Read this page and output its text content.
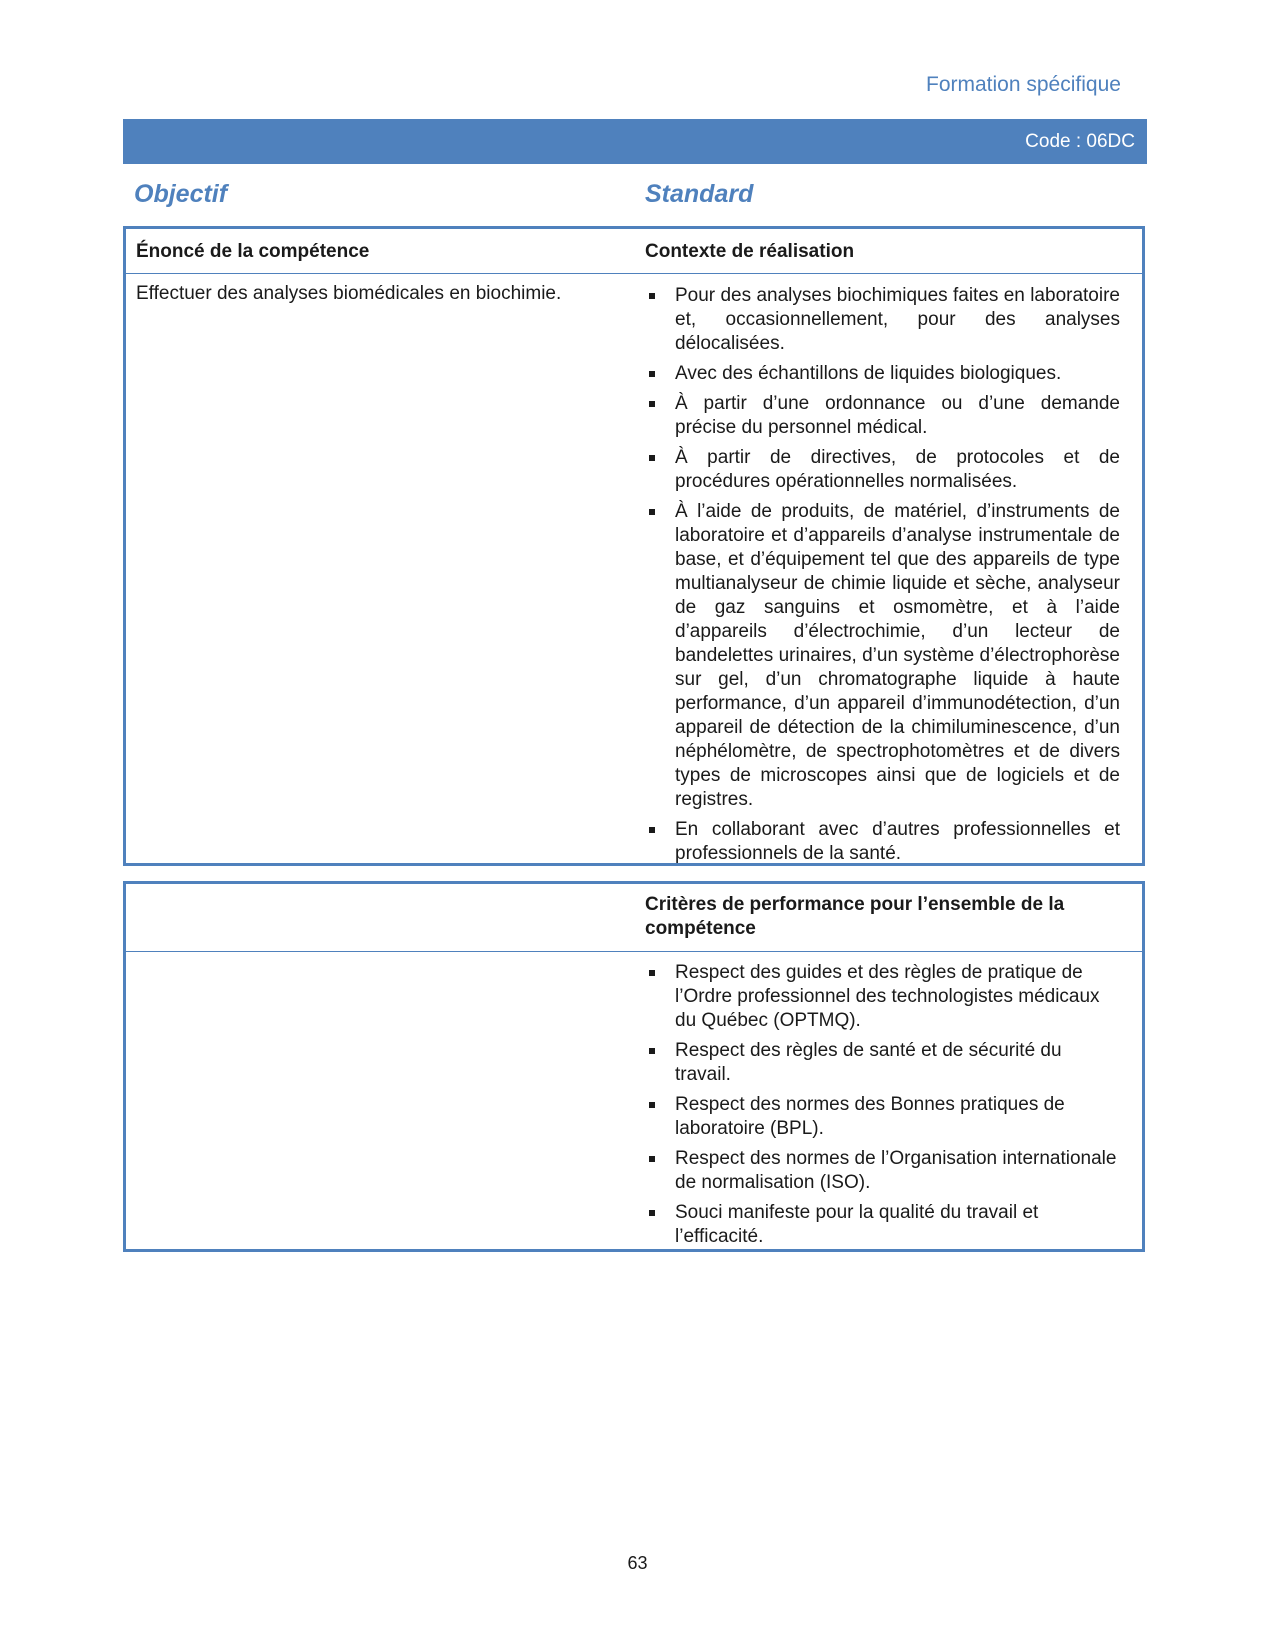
Formation spécifique
Code : 06DC
Objectif	Standard
Énoncé de la compétence	Contexte de réalisation
Effectuer des analyses biomédicales en biochimie.	Pour des analyses biochimiques faites en laboratoire et, occasionnellement, pour des analyses délocalisées.
Avec des échantillons de liquides biologiques.
À partir d’une ordonnance ou d’une demande précise du personnel médical.
À partir de directives, de protocoles et de procédures opérationnelles normalisées.
À l’aide de produits, de matériel, d’instruments de laboratoire et d’appareils d’analyse instrumentale de base, et d’équipement tel que des appareils de type multianalyseur de chimie liquide et sèche, analyseur de gaz sanguins et osmomètre, et à l’aide d’appareils d’électrochimie, d’un lecteur de bandelettes urinaires, d’un système d’électrophorèse sur gel, d’un chromatographe liquide à haute performance, d’un appareil d’immunodétection, d’un appareil de détection de la chimiluminescence, d’un néphélomètre, de spectrophotomètres et de divers types de microscopes ainsi que de logiciels et de registres.
En collaborant avec d’autres professionnelles et professionnels de la santé.
Critères de performance pour l’ensemble de la compétence
Respect des guides et des règles de pratique de l’Ordre professionnel des technologistes médicaux du Québec (OPTMQ).
Respect des règles de santé et de sécurité du travail.
Respect des normes des Bonnes pratiques de laboratoire (BPL).
Respect des normes de l’Organisation internationale de normalisation (ISO).
Souci manifeste pour la qualité du travail et l’efficacité.
63
